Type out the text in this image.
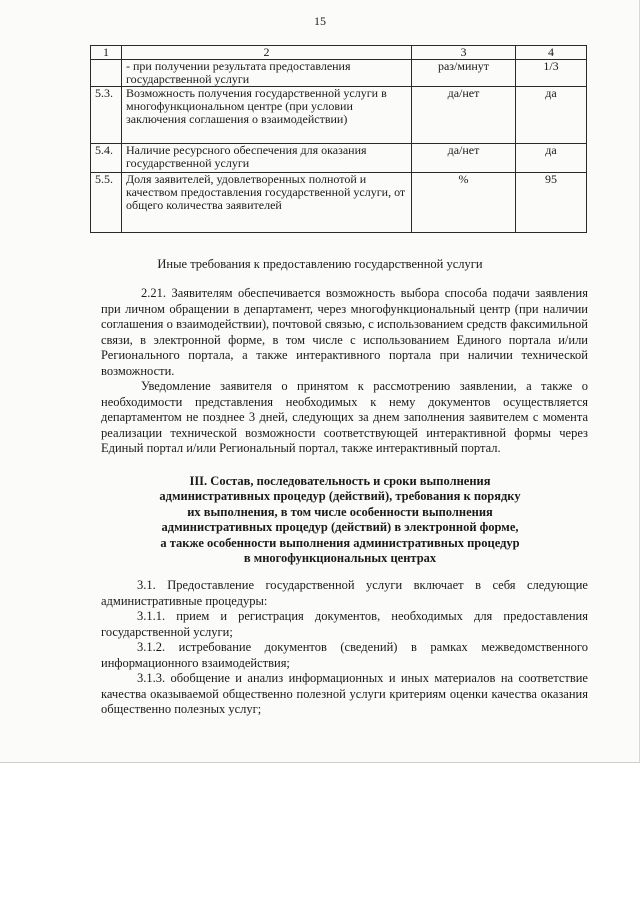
15
1	2	3	4
	- при получении результата предоставления государственной услуги	раз/минут	1/3
5.3.	Возможность получения государственной услуги в многофункциональном центре (при условии заключения соглашения о взаимодействии)	да/нет	да
5.4.	Наличие ресурсного обеспечения для оказания государственной услуги	да/нет	да
5.5.	Доля заявителей, удовлетворенных полнотой и качеством предоставления государственной услуги, от общего количества заявителей	%	95
Иные требования к предоставлению государственной услуги

2.21. Заявителям обеспечивается возможность выбора способа подачи заявления при личном обращении в департамент, через многофункциональный центр (при наличии соглашения о взаимодействии), почтовой связью, с использованием средств факсимильной связи, в электронной форме, в том числе с использованием Единого портала и/или Регионального портала, а также интерактивного портала при наличии технической возможности.

Уведомление заявителя о принятом к рассмотрению заявлении, а также о необходимости представления необходимых к нему документов осуществляется департаментом не позднее 3 дней, следующих за днем заполнения заявителем с момента реализации технической возможности соответствующей интерактивной формы через Единый портал и/или Региональный портал, также интерактивный портал.

III. Состав, последовательность и сроки выполнения
административных процедур (действий), требования к порядку
их выполнения, в том числе особенности выполнения
административных процедур (действий) в электронной форме,
а также особенности выполнения административных процедур
в многофункциональных центрах

3.1. Предоставление государственной услуги включает в себя следующие административные процедуры:

3.1.1. прием и регистрация документов, необходимых для предоставления государственной услуги;

3.1.2. истребование документов (сведений) в рамках межведомственного информационного взаимодействия;

3.1.3. обобщение и анализ информационных и иных материалов на соответствие качества оказываемой общественно полезной услуги критериям оценки качества оказания общественно полезных услуг;
